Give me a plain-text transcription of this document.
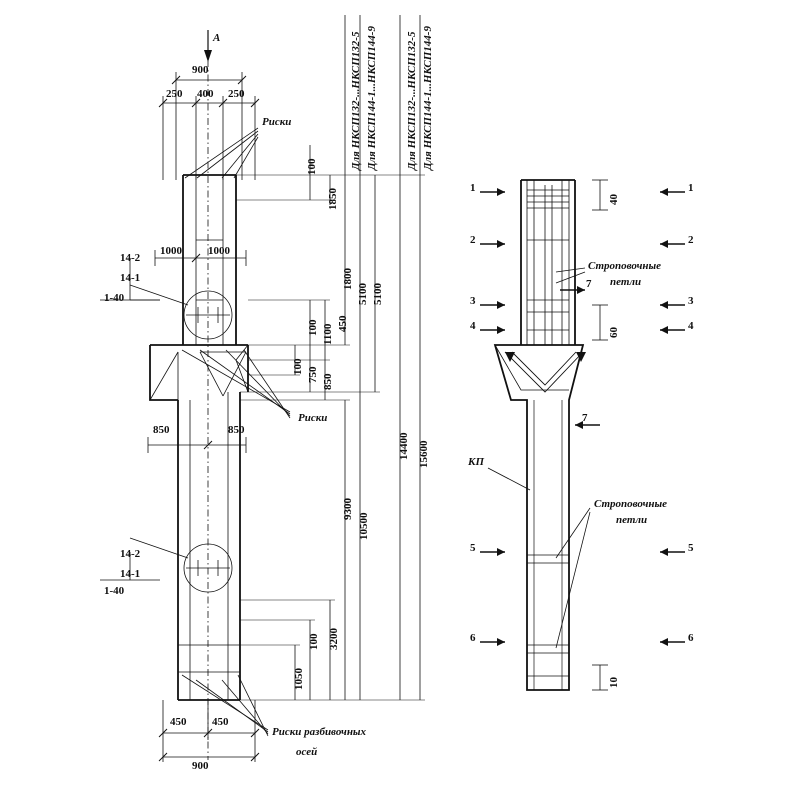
А
900
250 400 250
Риски
1000 1000
14-2
14-1
1-40
14-2
14-1
1-40
850	850
Риски
Риски разбивочных
осей
450 450
900
100
1850
1800
5100 5100
100 1100 450
100 750 850
9300
10500
14400 15600
3200
100
1050
Для НКСП132-...НКСП132-5 Для НКСП144-1...НКСП144-9	Для НКСП132-...НКСП132-5 Для НКСП144-1...НКСП144-9
1
2
3
4
5
6
1
2
3
4
5
6
7
7
40
60
10
Строповочные
петли
Строповочные
петли
КП
